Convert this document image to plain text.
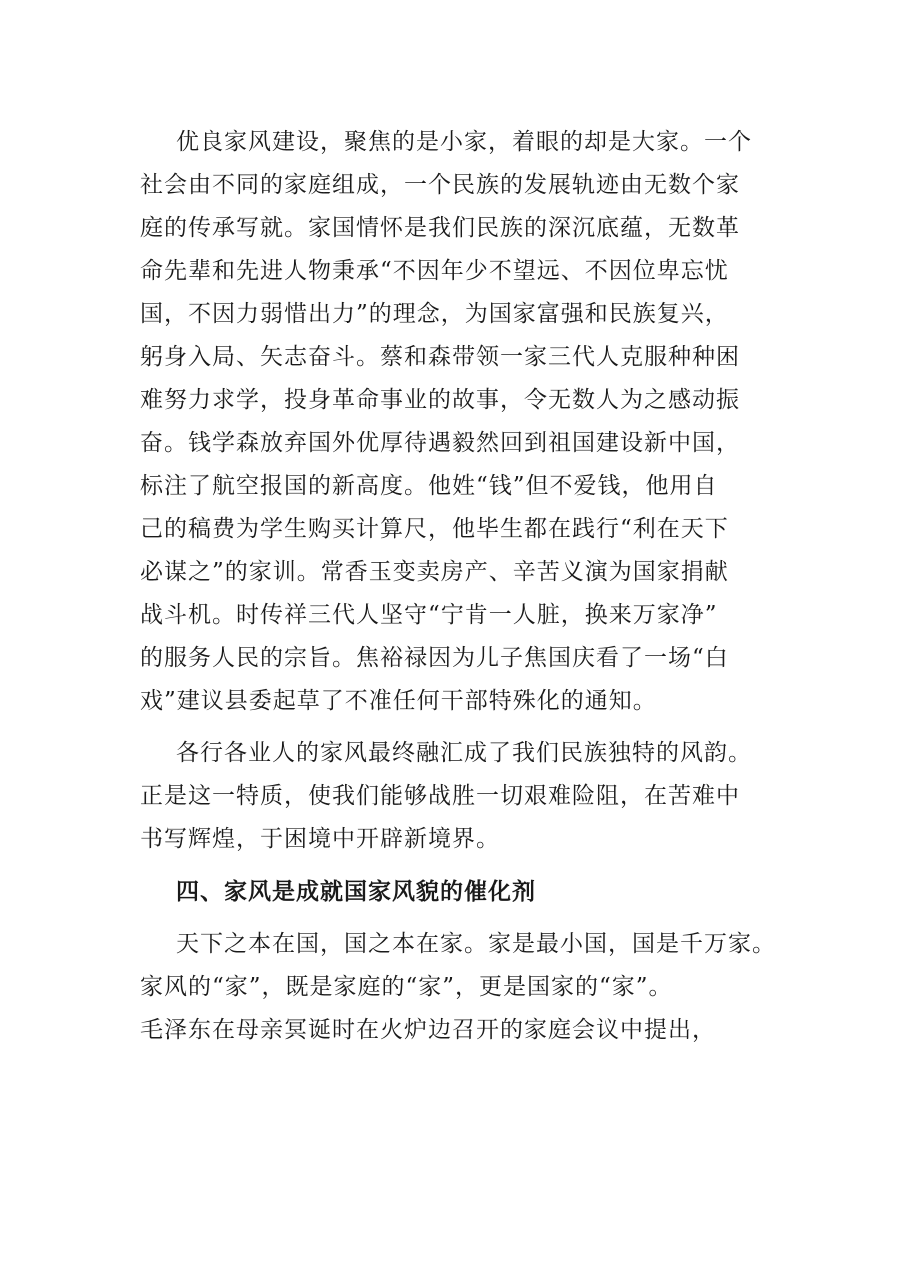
优良家风建设，聚焦的是小家，着眼的却是大家。一个
社会由不同的家庭组成，一个民族的发展轨迹由无数个家
庭的传承写就。家国情怀是我们民族的深沉底蕴，无数革
命先辈和先进人物秉承“不因年少不望远、不因位卑忘忧
国，不因力弱惜出力”的理念，为国家富强和民族复兴，
躬身入局、矢志奋斗。蔡和森带领一家三代人克服种种困
难努力求学，投身革命事业的故事，令无数人为之感动振
奋。钱学森放弃国外优厚待遇毅然回到祖国建设新中国，
标注了航空报国的新高度。他姓“钱”但不爱钱，他用自
己的稿费为学生购买计算尺，他毕生都在践行“利在天下
必谋之”的家训。常香玉变卖房产、辛苦义演为国家捐献
战斗机。时传祥三代人坚守“宁肯一人脏，换来万家净”
的服务人民的宗旨。焦裕禄因为儿子焦国庆看了一场“白
戏”建议县委起草了不准任何干部特殊化的通知。
各行各业人的家风最终融汇成了我们民族独特的风韵。
正是这一特质，使我们能够战胜一切艰难险阻，在苦难中
书写辉煌，于困境中开辟新境界。
四、家风是成就国家风貌的催化剂
天下之本在国，国之本在家。家是最小国，国是千万家。
家风的“家”，既是家庭的“家”，更是国家的“家”。
毛泽东在母亲冥诞时在火炉边召开的家庭会议中提出，
